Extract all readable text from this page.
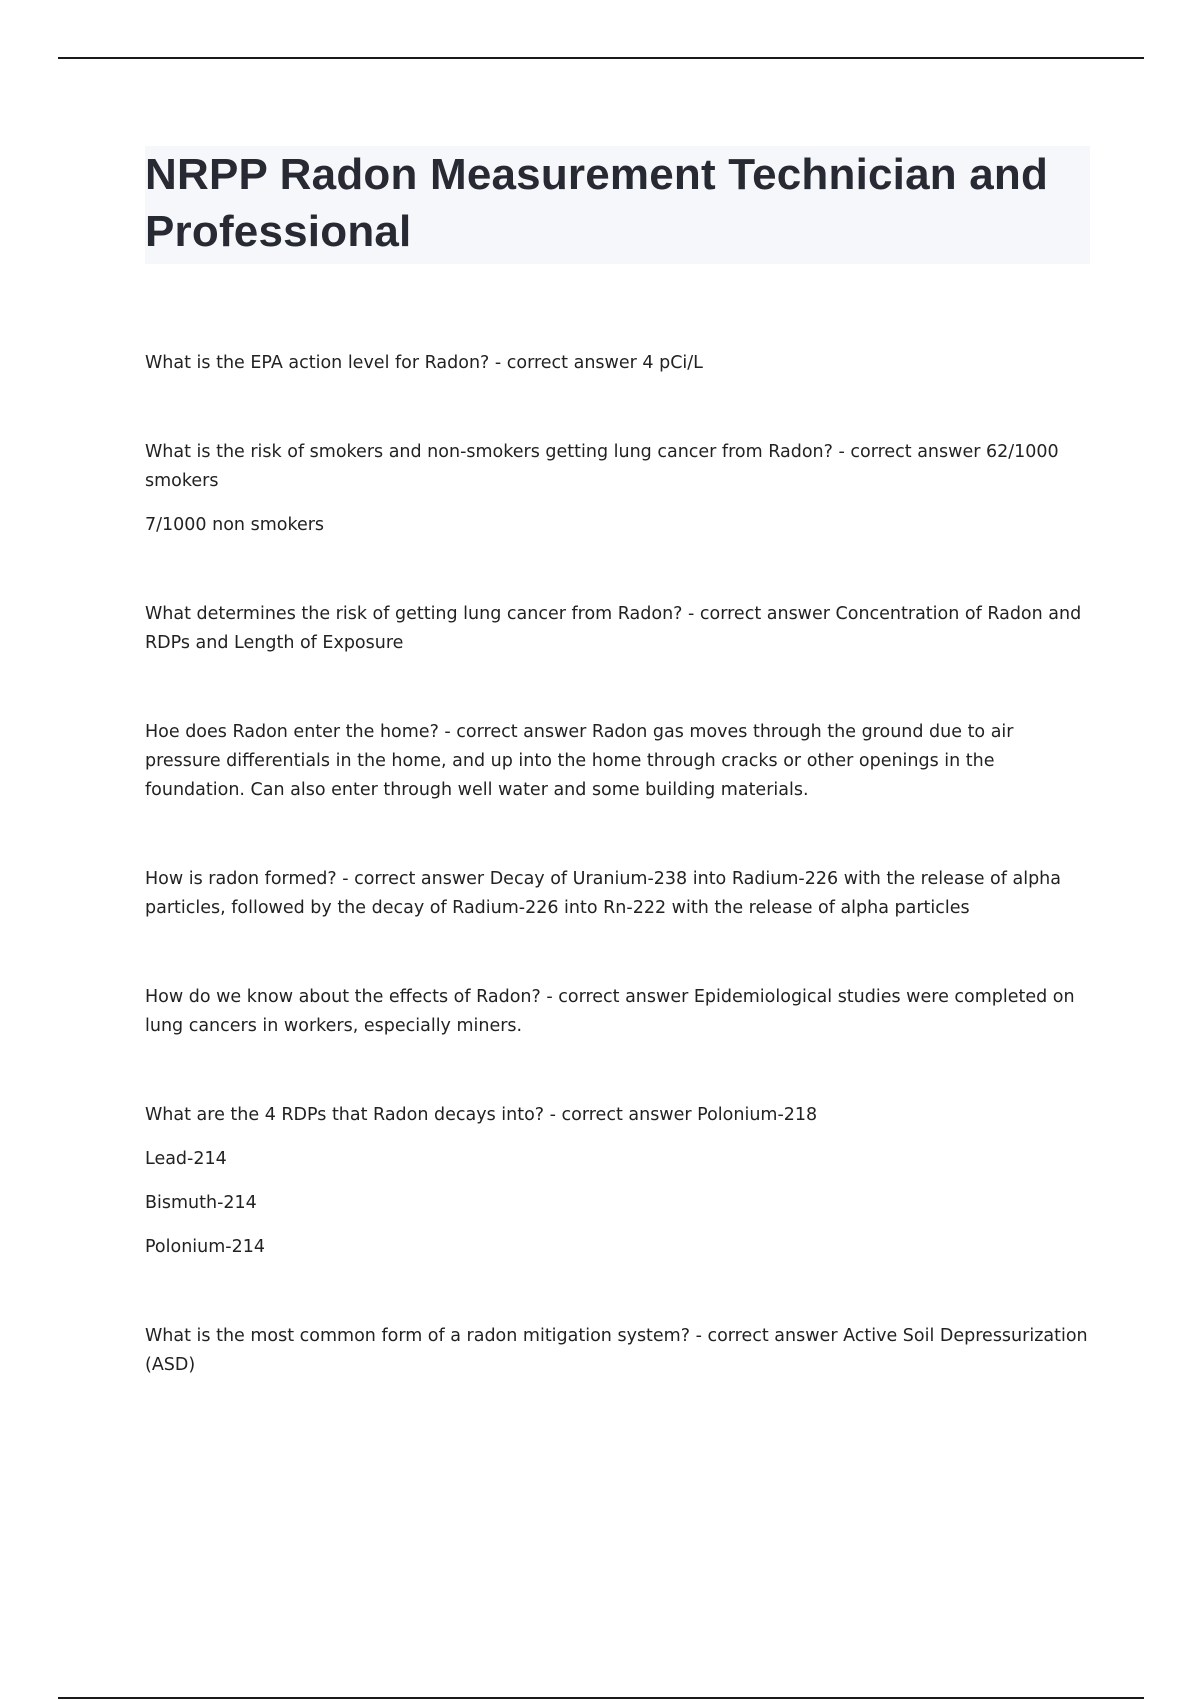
NRPP Radon Measurement Technician and Professional

What is the EPA action level for Radon? - correct answer 4 pCi/L

What is the risk of smokers and non-smokers getting lung cancer from Radon? - correct answer 62/1000 smokers

7/1000 non smokers

What determines the risk of getting lung cancer from Radon? - correct answer Concentration of Radon and RDPs and Length of Exposure

Hoe does Radon enter the home? - correct answer Radon gas moves through the ground due to air pressure differentials in the home, and up into the home through cracks or other openings in the foundation. Can also enter through well water and some building materials.

How is radon formed? - correct answer Decay of Uranium-238 into Radium-226 with the release of alpha particles, followed by the decay of Radium-226 into Rn-222 with the release of alpha particles

How do we know about the effects of Radon? - correct answer Epidemiological studies were completed on lung cancers in workers, especially miners.

What are the 4 RDPs that Radon decays into? - correct answer Polonium-218

Lead-214

Bismuth-214

Polonium-214

What is the most common form of a radon mitigation system? - correct answer Active Soil Depressurization (ASD)
